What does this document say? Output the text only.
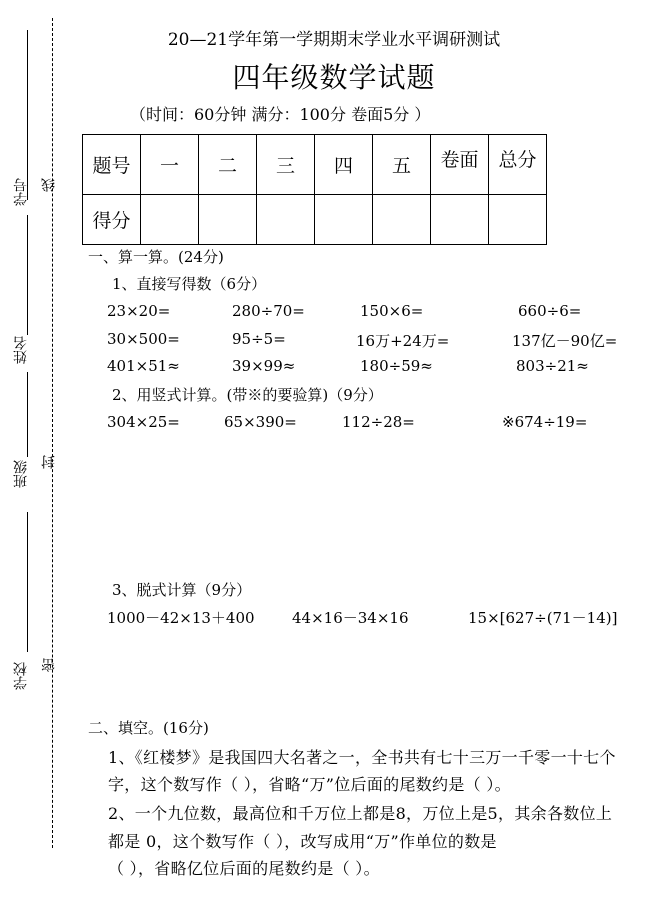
学号
姓名
班级
学校
线
封
密
20—21学年第一学期期末学业水平调研测试
四年级数学试题
（时间：60分钟 满分：100分 卷面5分 ）
题号	一	二	三	四	五	卷面	总分
得分							
一、算一算。(24分)
1、直接写得数（6分）
23×20=	280÷70=	150×6=	660÷6=
30×500=	95÷5=	16万+24万=	137亿－90亿=
401×51≈	39×99≈	180÷59≈	803÷21≈
2、用竖式计算。(带※的要验算)（9分）
304×25=	65×390=	112÷28=	※674÷19=
3、脱式计算（9分）
1000－42×13＋400 44×16－34×16	15×[627÷(71－14)]
二、填空。(16分)
1、《红楼梦》是我国四大名著之一，全书共有七十三万一千零一十七个
字，这个数写作（ ），省略“万”位后面的尾数约是（ ）。
2、一个九位数，最高位和千万位上都是8，万位上是5，其余各数位上
都是 0，这个数写作（ ），改写成用“万”作单位的数是
（ ），省略亿位后面的尾数约是（ ）。
